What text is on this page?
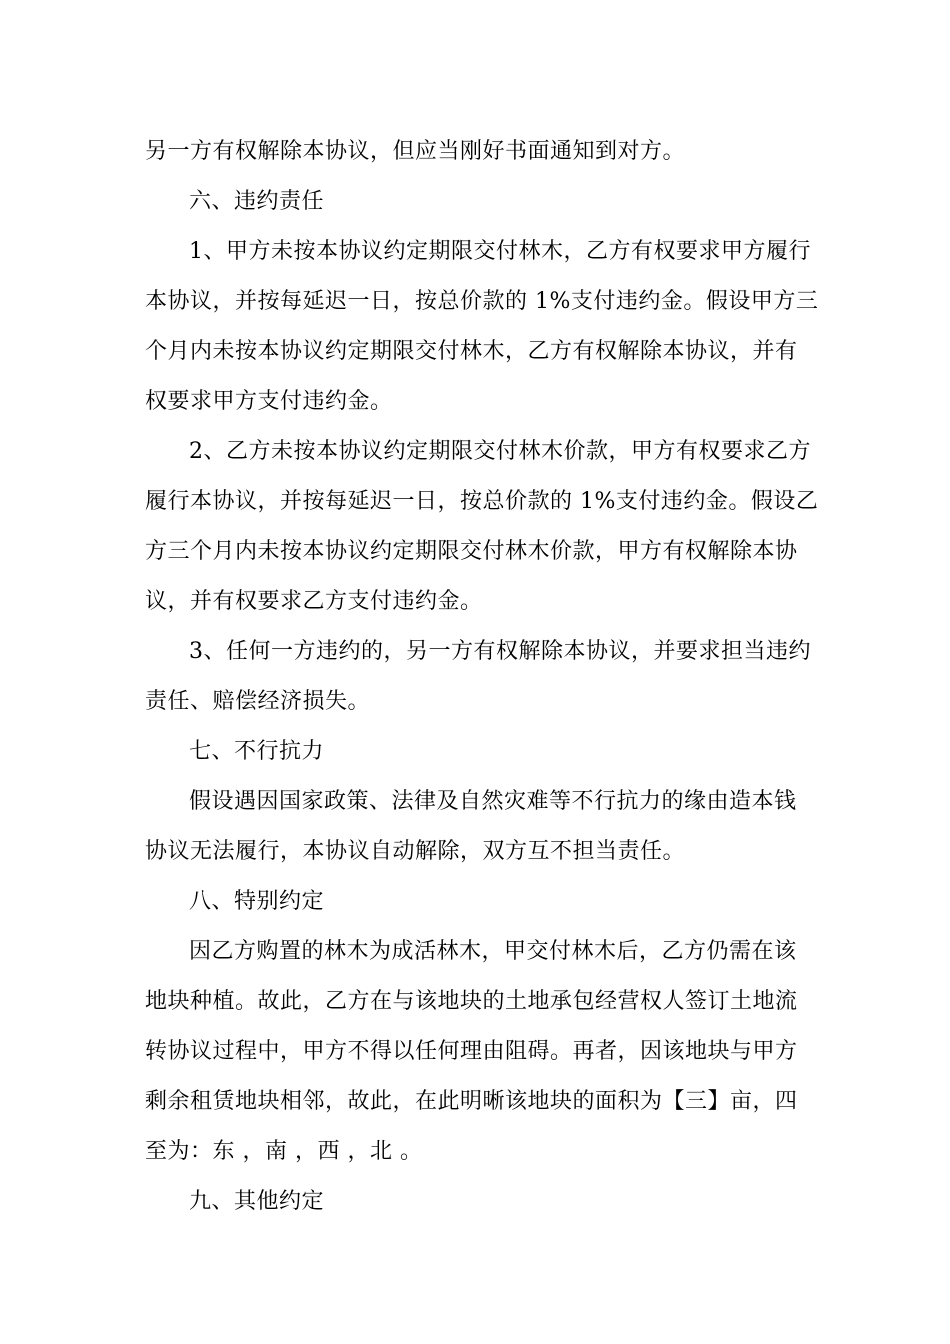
另一方有权解除本协议，但应当刚好书面通知到对方。
六、违约责任
1、甲方未按本协议约定期限交付林木，乙方有权要求甲方履行
本协议，并按每延迟一日，按总价款的 1%支付违约金。假设甲方三
个月内未按本协议约定期限交付林木，乙方有权解除本协议，并有
权要求甲方支付违约金。
2、乙方未按本协议约定期限交付林木价款，甲方有权要求乙方
履行本协议，并按每延迟一日，按总价款的 1%支付违约金。假设乙
方三个月内未按本协议约定期限交付林木价款，甲方有权解除本协
议，并有权要求乙方支付违约金。
3、任何一方违约的，另一方有权解除本协议，并要求担当违约
责任、赔偿经济损失。
七、不行抗力
假设遇因国家政策、法律及自然灾难等不行抗力的缘由造本钱
协议无法履行，本协议自动解除，双方互不担当责任。
八、特别约定
因乙方购置的林木为成活林木，甲交付林木后，乙方仍需在该
地块种植。故此，乙方在与该地块的土地承包经营权人签订土地流
转协议过程中，甲方不得以任何理由阻碍。再者，因该地块与甲方
剩余租赁地块相邻，故此，在此明晰该地块的面积为【三】亩，四
至为：东 ，南 ，西 ，北 。
九、其他约定
